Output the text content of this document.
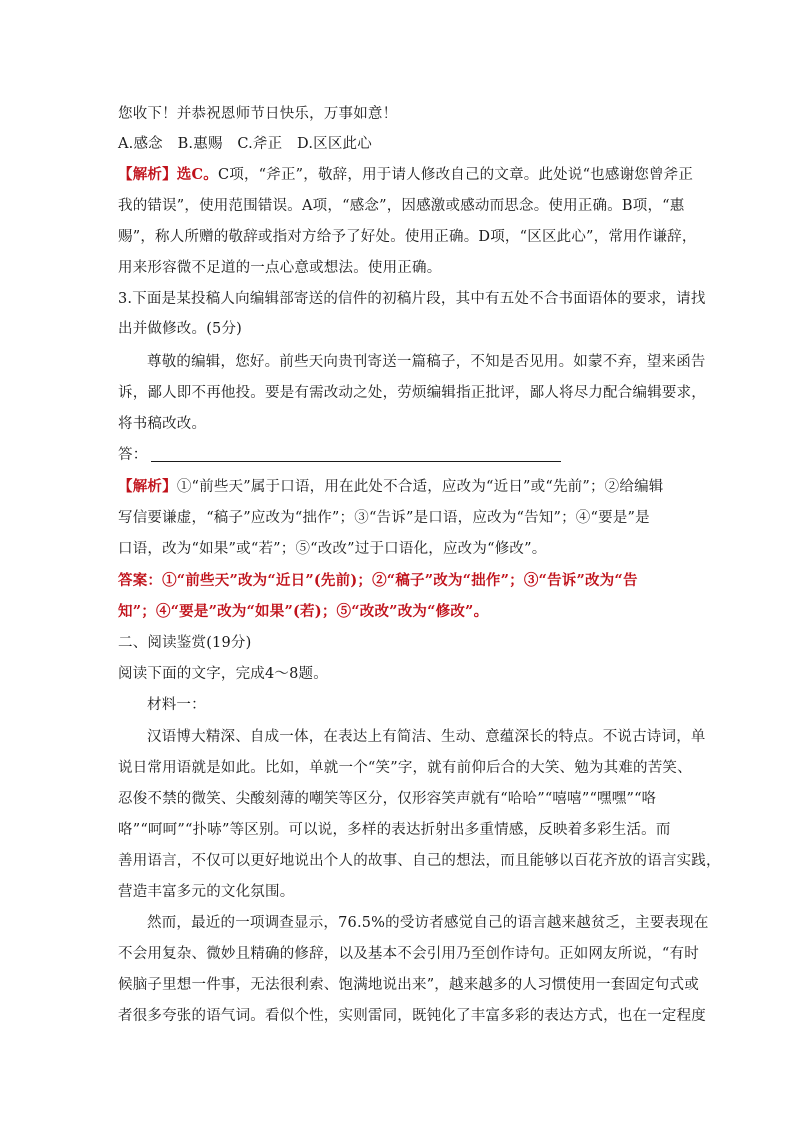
您收下！并恭祝恩师节日快乐，万事如意！
A.感念　B.惠赐　C.斧正　D.区区此心
【解析】选C。C项，“斧正”，敬辞，用于请人修改自己的文章。此处说“也感谢您曾斧正
我的错误”，使用范围错误。A项，“感念”，因感激或感动而思念。使用正确。B项，“惠
赐”，称人所赠的敬辞或指对方给予了好处。使用正确。D项，“区区此心”，常用作谦辞，
用来形容微不足道的一点心意或想法。使用正确。
3.下面是某投稿人向编辑部寄送的信件的初稿片段，其中有五处不合书面语体的要求，请找
出并做修改。(5分)
尊敬的编辑，您好。前些天向贵刊寄送一篇稿子，不知是否见用。如蒙不弃，望来函告
诉，鄙人即不再他投。要是有需改动之处，劳烦编辑指正批评，鄙人将尽力配合编辑要求，
将书稿改改。
答：
【解析】①“前些天”属于口语，用在此处不合适，应改为“近日”或“先前”；②给编辑
写信要谦虚，“稿子”应改为“拙作”；③“告诉”是口语，应改为“告知”；④“要是”是
口语，改为“如果”或“若”；⑤“改改”过于口语化，应改为“修改”。
答案：①“前些天”改为“近日”(先前)；②“稿子”改为“拙作”；③“告诉”改为“告
知”；④“要是”改为“如果”(若)；⑤“改改”改为“修改”。
二、阅读鉴赏(19分)
阅读下面的文字，完成4～8题。
材料一：
汉语博大精深、自成一体，在表达上有简洁、生动、意蕴深长的特点。不说古诗词，单
说日常用语就是如此。比如，单就一个“笑”字，就有前仰后合的大笑、勉为其难的苦笑、
忍俊不禁的微笑、尖酸刻薄的嘲笑等区分，仅形容笑声就有“哈哈”“嘻嘻”“嘿嘿”“咯
咯”“呵呵”“扑哧”等区别。可以说，多样的表达折射出多重情感，反映着多彩生活。而
善用语言，不仅可以更好地说出个人的故事、自己的想法，而且能够以百花齐放的语言实践，
营造丰富多元的文化氛围。
然而，最近的一项调查显示，76.5%的受访者感觉自己的语言越来越贫乏，主要表现在
不会用复杂、微妙且精确的修辞，以及基本不会引用乃至创作诗句。正如网友所说，“有时
候脑子里想一件事，无法很利索、饱满地说出来”，越来越多的人习惯使用一套固定句式或
者很多夸张的语气词。看似个性，实则雷同，既钝化了丰富多彩的表达方式，也在一定程度
